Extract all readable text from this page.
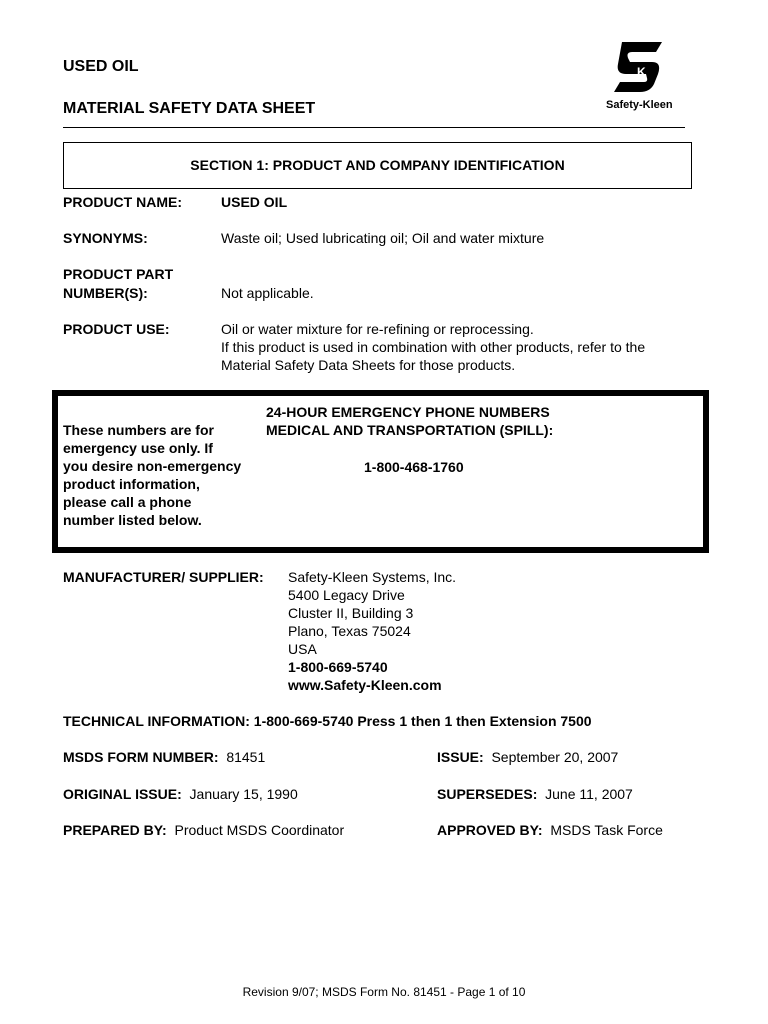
USED OIL
MATERIAL SAFETY DATA SHEET
K
Safety-Kleen
SECTION 1: PRODUCT AND COMPANY IDENTIFICATION
PRODUCT NAME:	USED OIL
SYNONYMS:	Waste oil; Used lubricating oil; Oil and water mixture
PRODUCT PART
NUMBER(S):	Not applicable.
PRODUCT USE:	Oil or water mixture for re-refining or reprocessing.
If this product is used in combination with other products, refer to the
Material Safety Data Sheets for those products.
These numbers are for
emergency use only. If
you desire non-emergency
product information,
please call a phone
number listed below.
24-HOUR EMERGENCY PHONE NUMBERS
MEDICAL AND TRANSPORTATION (SPILL):
1-800-468-1760
MANUFACTURER/ SUPPLIER: Safety-Kleen Systems, Inc.
5400 Legacy Drive
Cluster II, Building 3
Plano, Texas 75024
USA
1-800-669-5740
www.Safety-Kleen.com
TECHNICAL INFORMATION: 1-800-669-5740 Press 1 then 1 then Extension 7500
MSDS FORM NUMBER: 81451	ISSUE: September 20, 2007
ORIGINAL ISSUE: January 15, 1990	SUPERSEDES: June 11, 2007
PREPARED BY: Product MSDS Coordinator	APPROVED BY: MSDS Task Force
Revision 9/07; MSDS Form No. 81451 - Page 1 of 10
